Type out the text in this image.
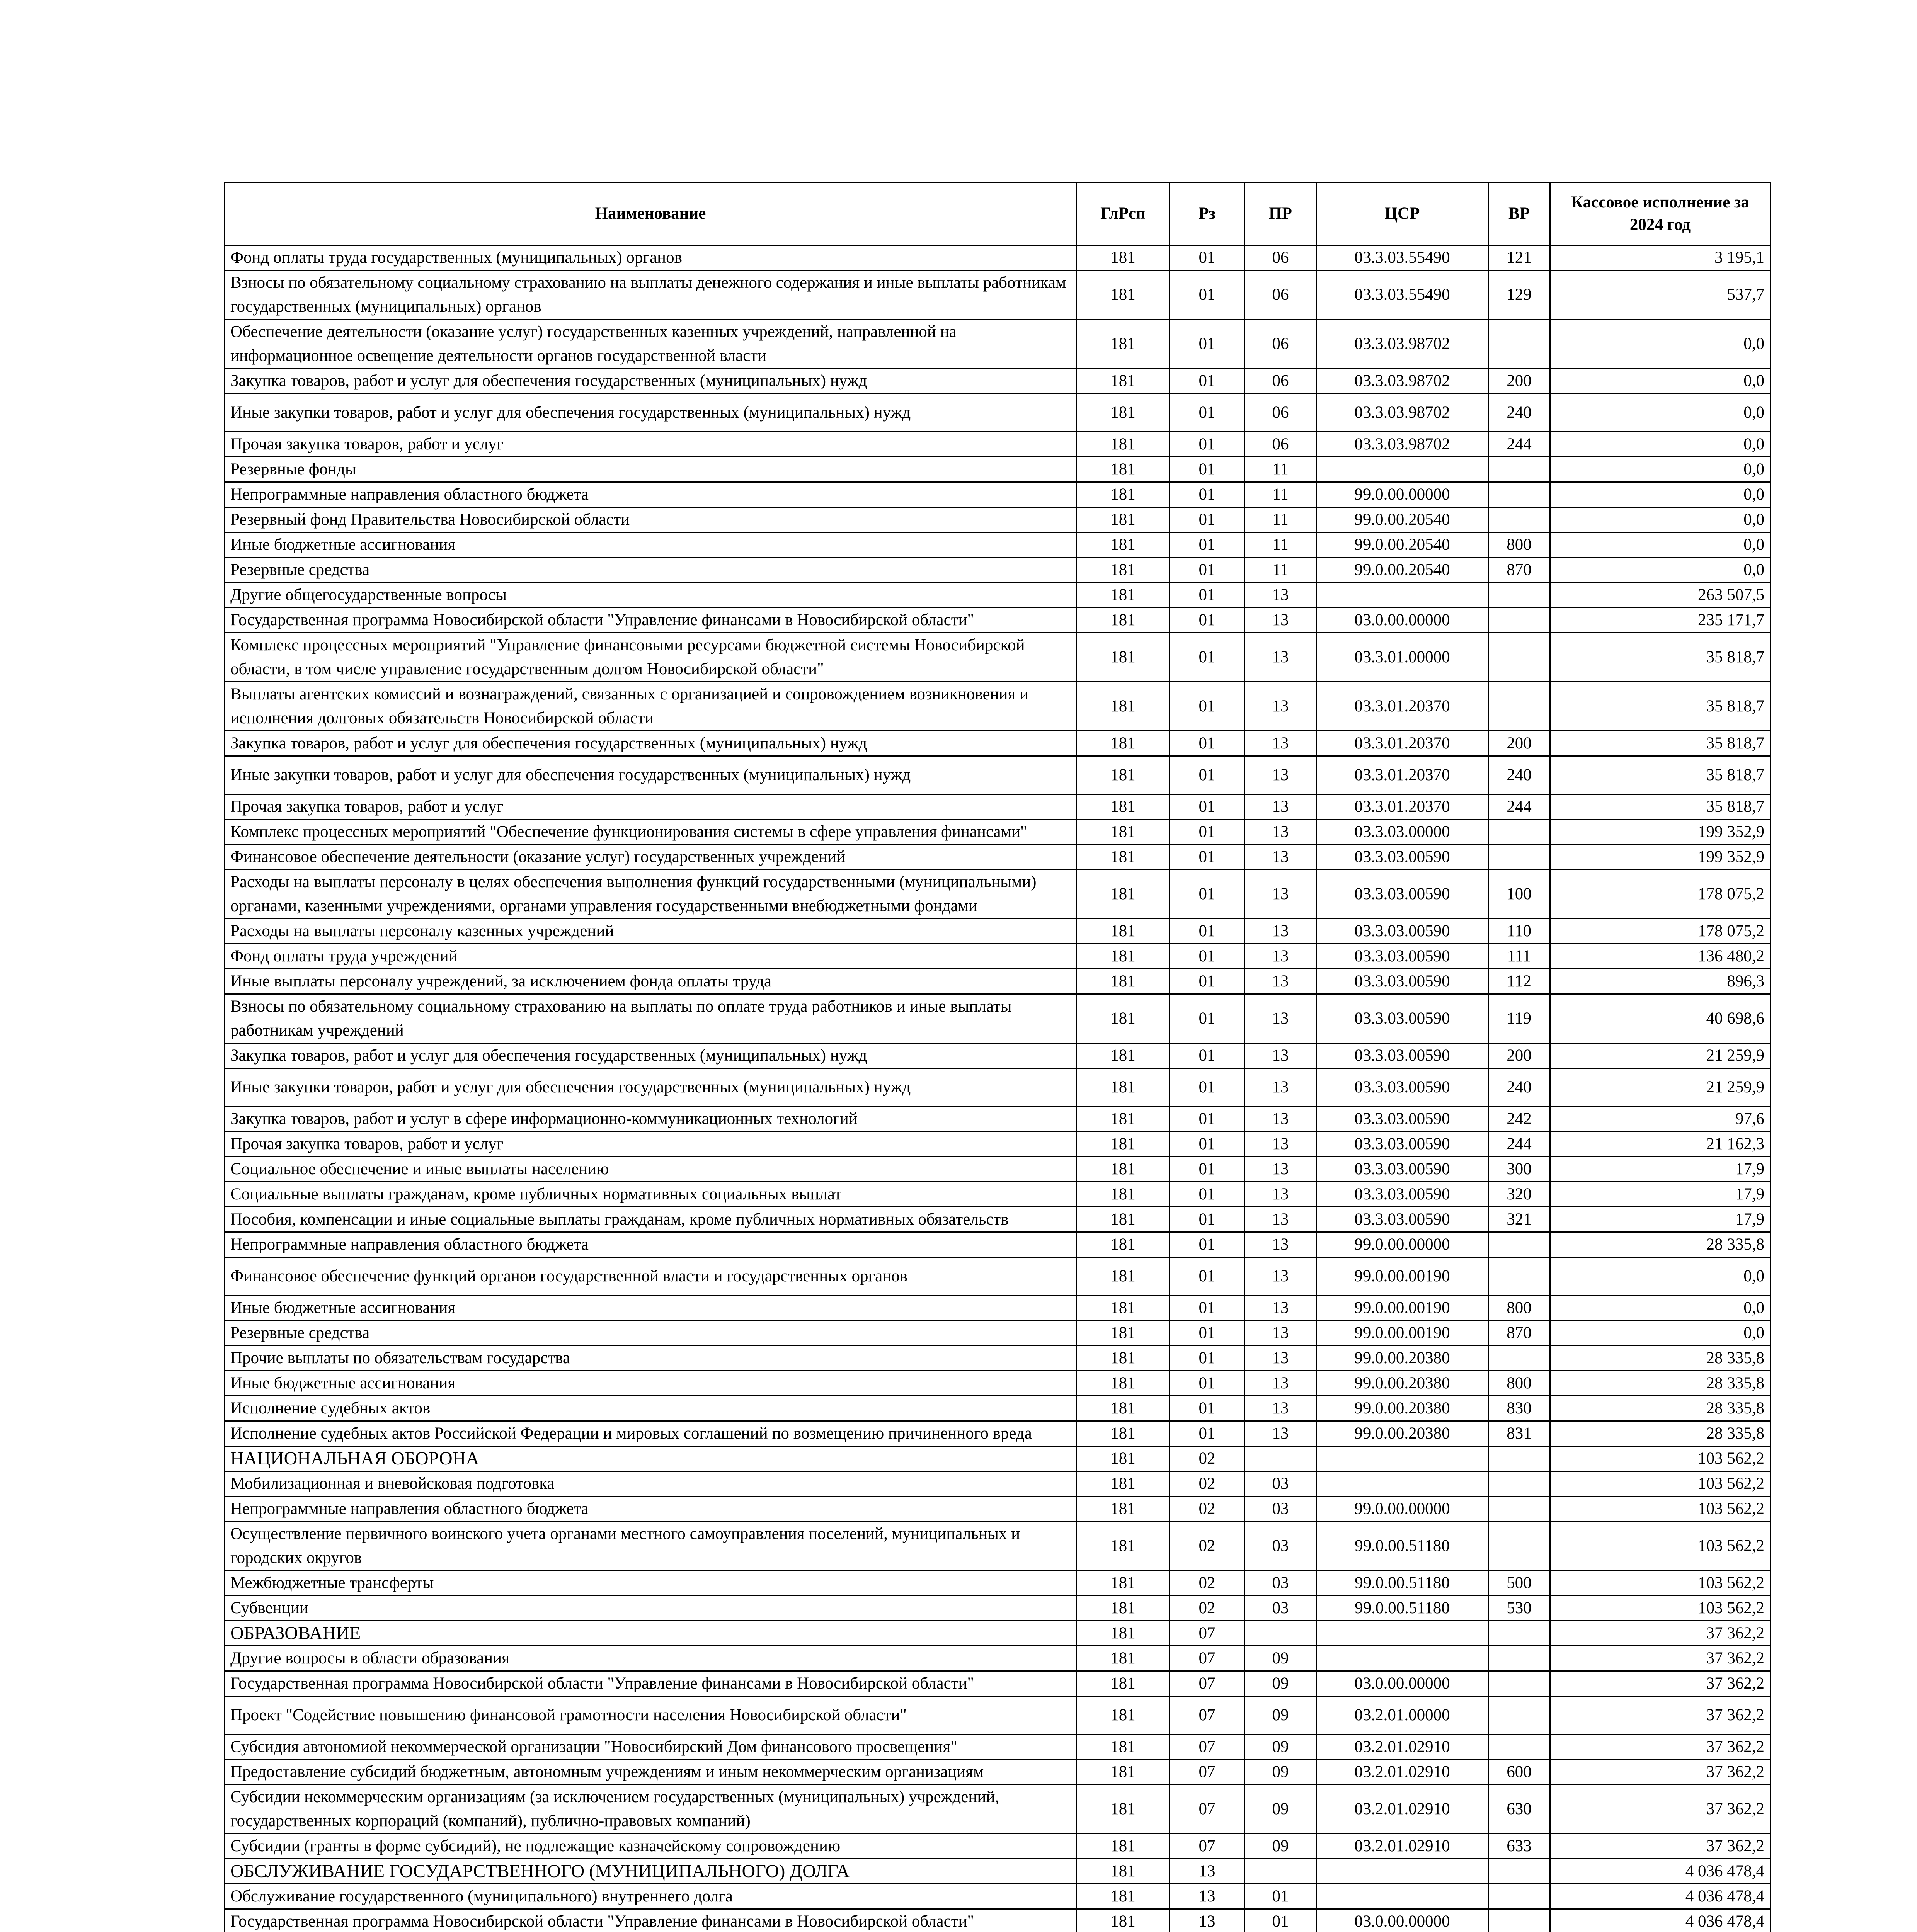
Наименование	ГлРсп	Рз	ПР	ЦСР	ВР	Кассовое исполнение за 2024 год
Фонд оплаты труда государственных (муниципальных) органов	181	01	06	03.3.03.55490	121	3 195,1
Взносы по обязательному социальному страхованию на выплаты денежного содержания и иные выплаты работникам государственных (муниципальных) органов	181	01	06	03.3.03.55490	129	537,7
Обеспечение деятельности (оказание услуг) государственных казенных учреждений, направленной на информационное освещение деятельности органов государственной власти	181	01	06	03.3.03.98702		0,0
Закупка товаров, работ и услуг для обеспечения государственных (муниципальных) нужд	181	01	06	03.3.03.98702	200	0,0
Иные закупки товаров, работ и услуг для обеспечения государственных (муниципальных) нужд	181	01	06	03.3.03.98702	240	0,0
Прочая закупка товаров, работ и услуг	181	01	06	03.3.03.98702	244	0,0
Резервные фонды	181	01	11			0,0
Непрограммные направления областного бюджета	181	01	11	99.0.00.00000		0,0
Резервный фонд Правительства Новосибирской области	181	01	11	99.0.00.20540		0,0
Иные бюджетные ассигнования	181	01	11	99.0.00.20540	800	0,0
Резервные средства	181	01	11	99.0.00.20540	870	0,0
Другие общегосударственные вопросы	181	01	13			263 507,5
Государственная программа Новосибирской области "Управление финансами в Новосибирской области"	181	01	13	03.0.00.00000		235 171,7
Комплекс процессных мероприятий "Управление финансовыми ресурсами бюджетной системы Новосибирской области, в том числе управление государственным долгом Новосибирской области"	181	01	13	03.3.01.00000		35 818,7
Выплаты агентских комиссий и вознаграждений, связанных с организацией и сопровождением возникновения и исполнения долговых обязательств Новосибирской области	181	01	13	03.3.01.20370		35 818,7
Закупка товаров, работ и услуг для обеспечения государственных (муниципальных) нужд	181	01	13	03.3.01.20370	200	35 818,7
Иные закупки товаров, работ и услуг для обеспечения государственных (муниципальных) нужд	181	01	13	03.3.01.20370	240	35 818,7
Прочая закупка товаров, работ и услуг	181	01	13	03.3.01.20370	244	35 818,7
Комплекс процессных мероприятий "Обеспечение функционирования системы в сфере управления финансами"	181	01	13	03.3.03.00000		199 352,9
Финансовое обеспечение деятельности (оказание услуг) государственных учреждений	181	01	13	03.3.03.00590		199 352,9
Расходы на выплаты персоналу в целях обеспечения выполнения функций государственными (муниципальными) органами, казенными учреждениями, органами управления государственными внебюджетными фондами	181	01	13	03.3.03.00590	100	178 075,2
Расходы на выплаты персоналу казенных учреждений	181	01	13	03.3.03.00590	110	178 075,2
Фонд оплаты труда учреждений	181	01	13	03.3.03.00590	111	136 480,2
Иные выплаты персоналу учреждений, за исключением фонда оплаты труда	181	01	13	03.3.03.00590	112	896,3
Взносы по обязательному социальному страхованию на выплаты по оплате труда работников и иные выплаты работникам учреждений	181	01	13	03.3.03.00590	119	40 698,6
Закупка товаров, работ и услуг для обеспечения государственных (муниципальных) нужд	181	01	13	03.3.03.00590	200	21 259,9
Иные закупки товаров, работ и услуг для обеспечения государственных (муниципальных) нужд	181	01	13	03.3.03.00590	240	21 259,9
Закупка товаров, работ и услуг в сфере информационно-коммуникационных технологий	181	01	13	03.3.03.00590	242	97,6
Прочая закупка товаров, работ и услуг	181	01	13	03.3.03.00590	244	21 162,3
Социальное обеспечение и иные выплаты населению	181	01	13	03.3.03.00590	300	17,9
Социальные выплаты гражданам, кроме публичных нормативных социальных выплат	181	01	13	03.3.03.00590	320	17,9
Пособия, компенсации и иные социальные выплаты гражданам, кроме публичных нормативных обязательств	181	01	13	03.3.03.00590	321	17,9
Непрограммные направления областного бюджета	181	01	13	99.0.00.00000		28 335,8
Финансовое обеспечение функций органов государственной власти и государственных органов	181	01	13	99.0.00.00190		0,0
Иные бюджетные ассигнования	181	01	13	99.0.00.00190	800	0,0
Резервные средства	181	01	13	99.0.00.00190	870	0,0
Прочие выплаты по обязательствам государства	181	01	13	99.0.00.20380		28 335,8
Иные бюджетные ассигнования	181	01	13	99.0.00.20380	800	28 335,8
Исполнение судебных актов	181	01	13	99.0.00.20380	830	28 335,8
Исполнение судебных актов Российской Федерации и мировых соглашений по возмещению причиненного вреда	181	01	13	99.0.00.20380	831	28 335,8
НАЦИОНАЛЬНАЯ ОБОРОНА	181	02				103 562,2
Мобилизационная и вневойсковая подготовка	181	02	03			103 562,2
Непрограммные направления областного бюджета	181	02	03	99.0.00.00000		103 562,2
Осуществление первичного воинского учета органами местного самоуправления поселений, муниципальных и городских округов	181	02	03	99.0.00.51180		103 562,2
Межбюджетные трансферты	181	02	03	99.0.00.51180	500	103 562,2
Субвенции	181	02	03	99.0.00.51180	530	103 562,2
ОБРАЗОВАНИЕ	181	07				37 362,2
Другие вопросы в области образования	181	07	09			37 362,2
Государственная программа Новосибирской области "Управление финансами в Новосибирской области"	181	07	09	03.0.00.00000		37 362,2
Проект "Содействие повышению финансовой грамотности населения Новосибирской области"	181	07	09	03.2.01.00000		37 362,2
Субсидия автономиой некоммерческой организации "Новосибирский Дом финансового просвещения"	181	07	09	03.2.01.02910		37 362,2
Предоставление субсидий бюджетным, автономным учреждениям и иным некоммерческим организациям	181	07	09	03.2.01.02910	600	37 362,2
Субсидии некоммерческим организациям (за исключением государственных (муниципальных) учреждений, государственных корпораций (компаний), публично-правовых компаний)	181	07	09	03.2.01.02910	630	37 362,2
Субсидии (гранты в форме субсидий), не подлежащие казначейскому сопровождению	181	07	09	03.2.01.02910	633	37 362,2
ОБСЛУЖИВАНИЕ ГОСУДАРСТВЕННОГО (МУНИЦИПАЛЬНОГО) ДОЛГА	181	13				4 036 478,4
Обслуживание государственного (муниципального) внутреннего долга	181	13	01			4 036 478,4
Государственная программа Новосибирской области "Управление финансами в Новосибирской области"	181	13	01	03.0.00.00000		4 036 478,4
